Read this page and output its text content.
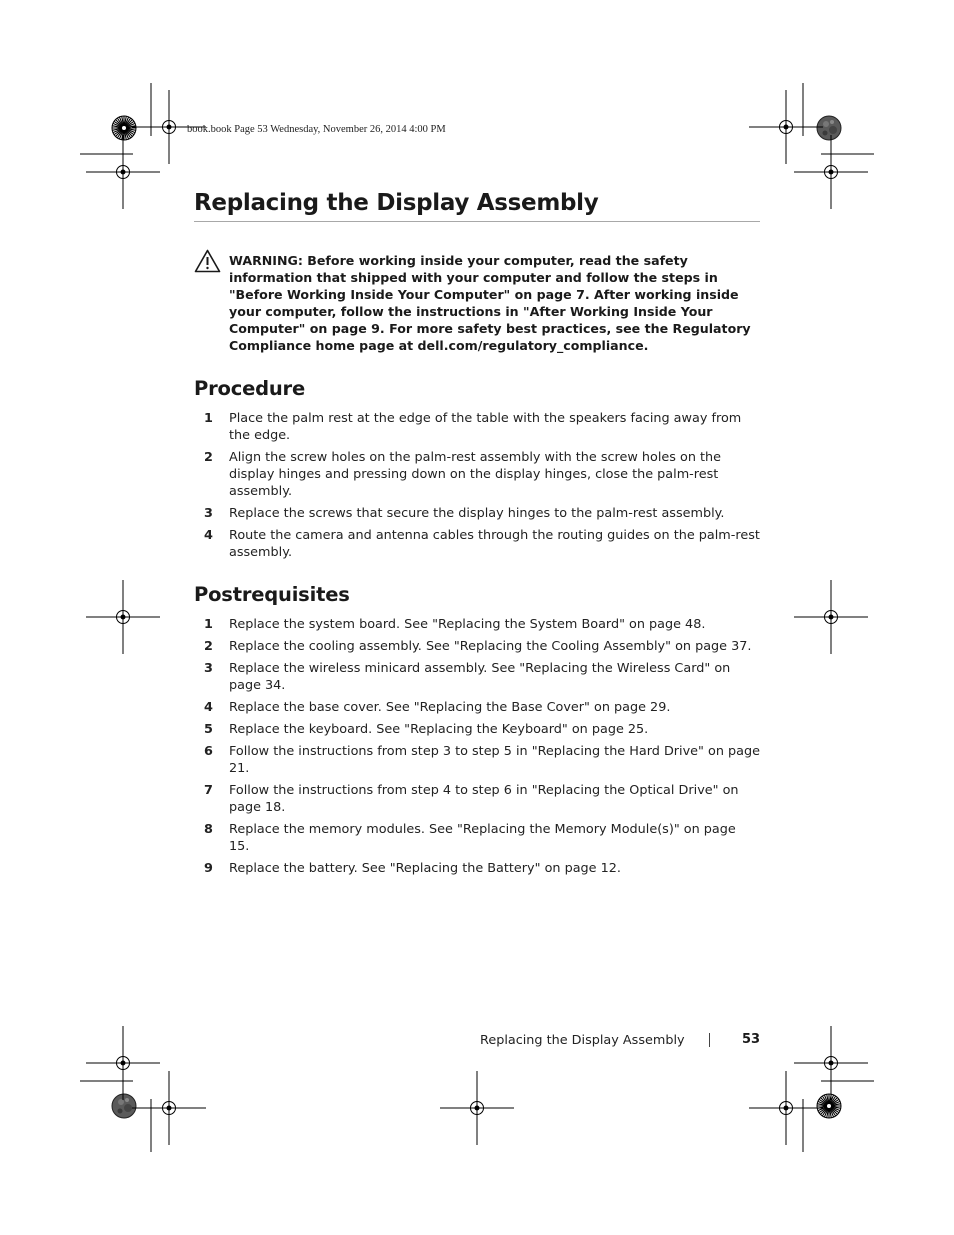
book.book Page 53 Wednesday, November 26, 2014 4:00 PM
Replacing the Display Assembly

WARNING: Before working inside your computer, read the safety information that shipped with your computer and follow the steps in "Before Working Inside Your Computer" on page 7. After working inside your computer, follow the instructions in "After Working Inside Your Computer" on page 9. For more safety best practices, see the Regulatory Compliance home page at dell.com/regulatory_compliance.

Procedure
1	Place the palm rest at the edge of the table with the speakers facing away from the edge.
2	Align the screw holes on the palm-rest assembly with the screw holes on the display hinges and pressing down on the display hinges, close the palm-rest assembly.
3	Replace the screws that secure the display hinges to the palm-rest assembly.
4	Route the camera and antenna cables through the routing guides on the palm-rest assembly.
Postrequisites
1	Replace the system board. See "Replacing the System Board" on page 48.
2	Replace the cooling assembly. See "Replacing the Cooling Assembly" on page 37.
3	Replace the wireless minicard assembly. See "Replacing the Wireless Card" on page 34.
4	Replace the base cover. See "Replacing the Base Cover" on page 29.
5	Replace the keyboard. See "Replacing the Keyboard" on page 25.
6	Follow the instructions from step 3 to step 5 in "Replacing the Hard Drive" on page 21.
7	Follow the instructions from step 4 to step 6 in "Replacing the Optical Drive" on page 18.
8	Replace the memory modules. See "Replacing the Memory Module(s)" on page 15.
9	Replace the battery. See "Replacing the Battery" on page 12.
Replacing the Display Assembly	53
